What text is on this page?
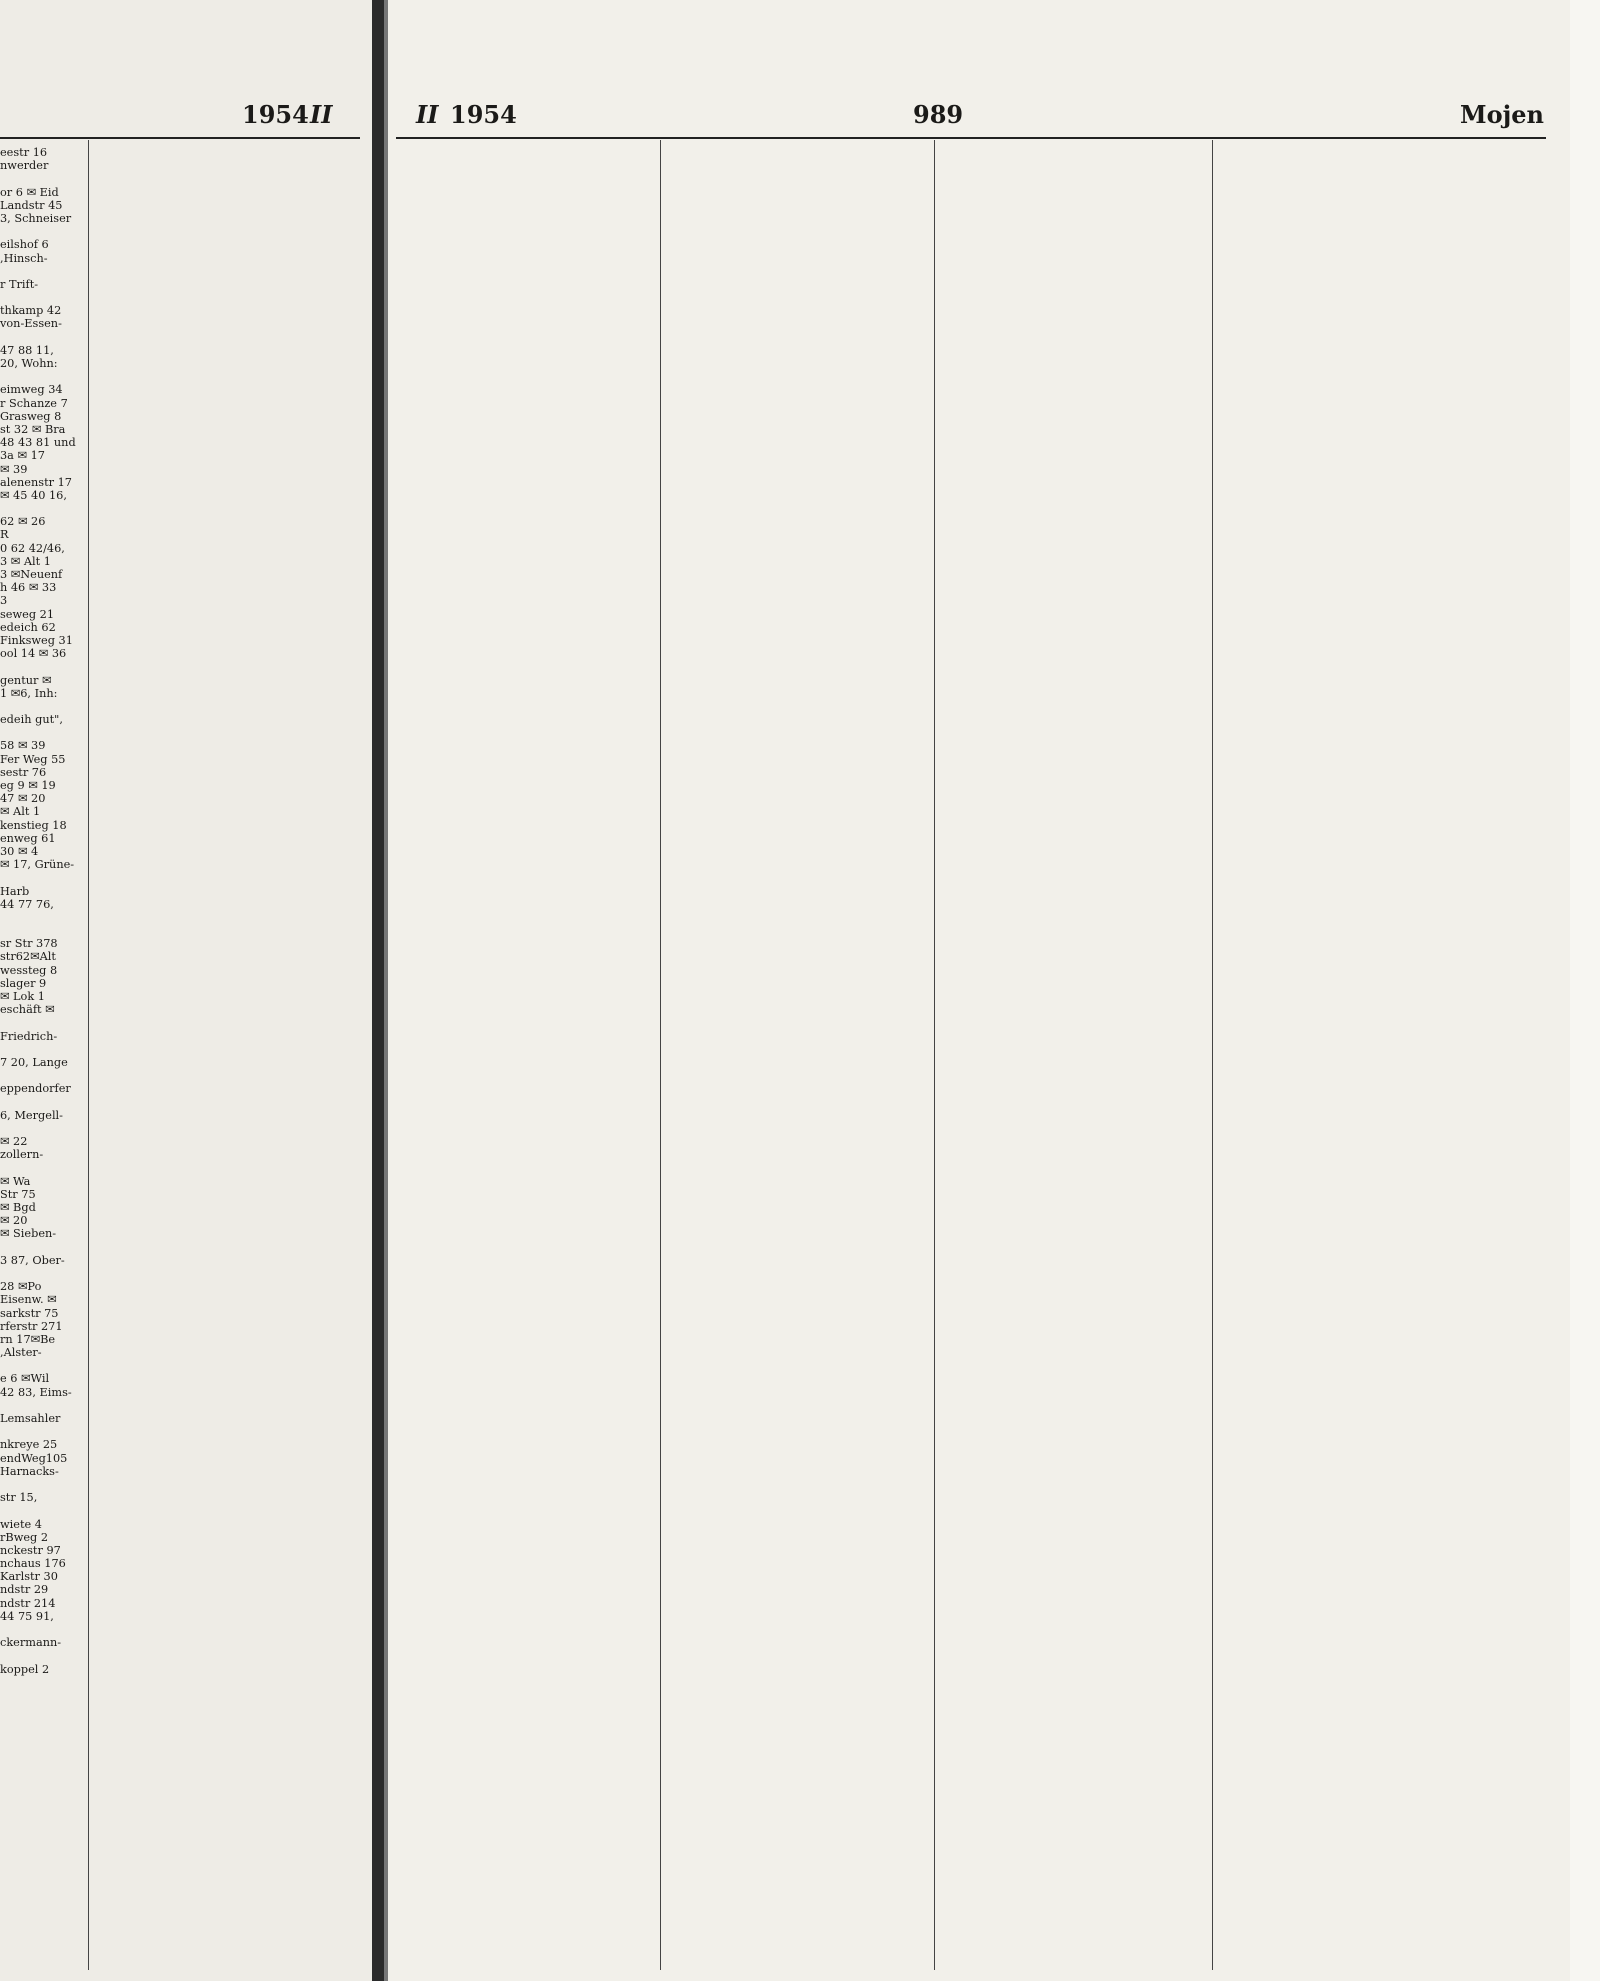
1954 II
eestr 16
nwerder
or 6 ✉ Eid
Landstr 45
3, Schneiser
eilshof 6
,Hinsch-
r Trift-
thkamp 42
von-Essen-
47 88 11,
20, Wohn:
eimweg 34
r Schanze 7
Grasweg 8
st 32 ✉ Bra
48 43 81 und
3a ✉ 17
✉ 39
alenenstr 17
✉ 45 40 16,
62 ✉ 26
R
0 62 42/46,
3 ✉ Alt 1
3 ✉Neuenf
h 46 ✉ 33
3
seweg 21
edeich 62
Finksweg 31
ool 14 ✉ 36
gentur ✉
1 ✉6, Inh:
edeih gut",
58 ✉ 39
Fer Weg 55
sestr 76
eg 9 ✉ 19
47 ✉ 20
✉ Alt 1
kenstieg 18
enweg 61
30 ✉ 4
✉ 17, Grüne-
Harb
44 77 76,
sr Str 378
str62✉Alt
wessteg 8
slager 9
✉ Lok 1
eschäft ✉
Friedrich-
7 20, Lange
eppendorfer
6, Mergell-
✉ 22
zollern-
✉ Wa
Str 75
✉ Bgd
✉ 20
✉ Sieben-
3 87, Ober-
28 ✉Po
Eisenw. ✉
sarkstr 75
rferstr 271
rn 17✉Be
,Alster-
e 6 ✉Wil
42 83, Eims-
Lemsahler
nkreye 25
endWeg105
Harnacks-
str 15,
wiete 4
rBweg 2
nckestr 97
nchaus 176
Karlstr 30
ndstr 29
ndstr 214
44 75 91,
ckermann-
koppel 2
II 1954	989	Mojen
